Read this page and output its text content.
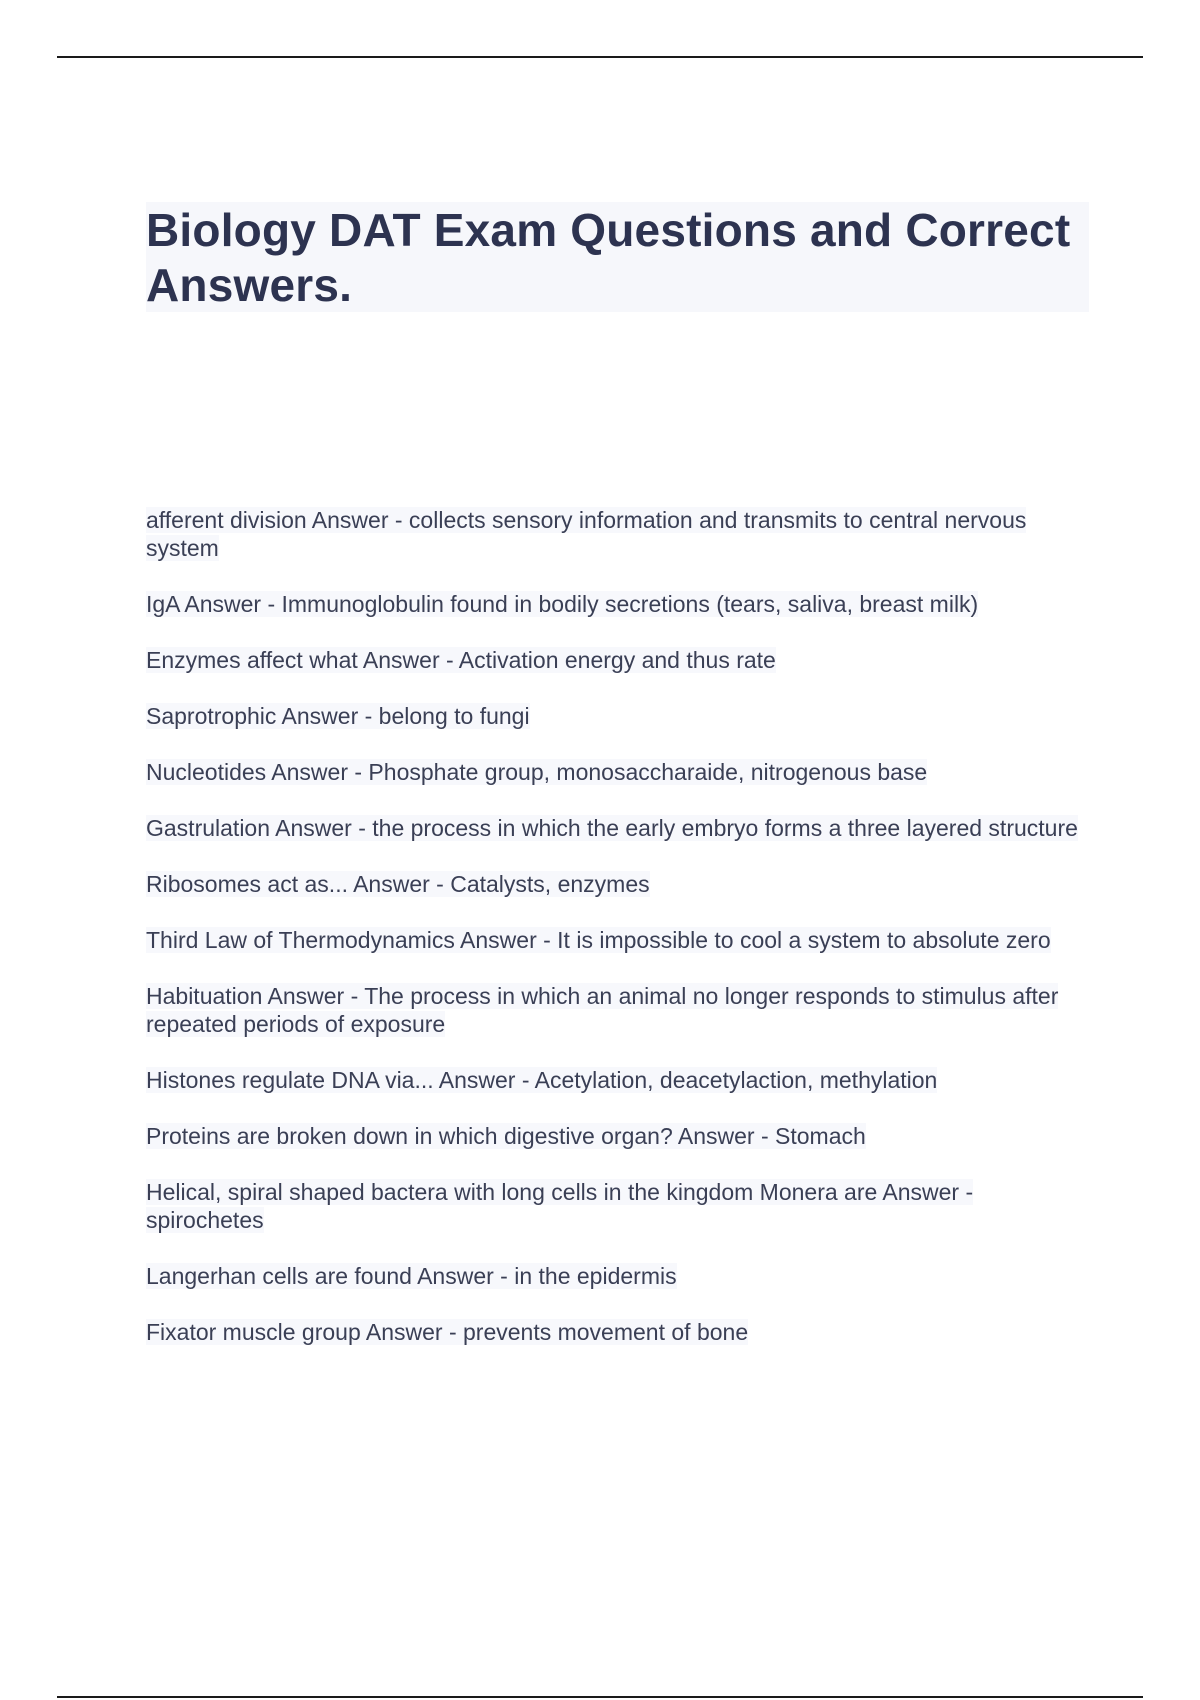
Biology DAT Exam Questions and Correct Answers.
afferent division Answer - collects sensory information and transmits to central nervous system
IgA Answer - Immunoglobulin found in bodily secretions (tears, saliva, breast milk)
Enzymes affect what Answer - Activation energy and thus rate
Saprotrophic Answer - belong to fungi
Nucleotides Answer - Phosphate group, monosaccharaide, nitrogenous base
Gastrulation Answer - the process in which the early embryo forms a three layered structure
Ribosomes act as... Answer - Catalysts, enzymes
Third Law of Thermodynamics Answer - It is impossible to cool a system to absolute zero
Habituation Answer - The process in which an animal no longer responds to stimulus after repeated periods of exposure
Histones regulate DNA via... Answer - Acetylation, deacetylaction, methylation
Proteins are broken down in which digestive organ? Answer - Stomach
Helical, spiral shaped bactera with long cells in the kingdom Monera are Answer - spirochetes
Langerhan cells are found Answer - in the epidermis
Fixator muscle group Answer - prevents movement of bone
